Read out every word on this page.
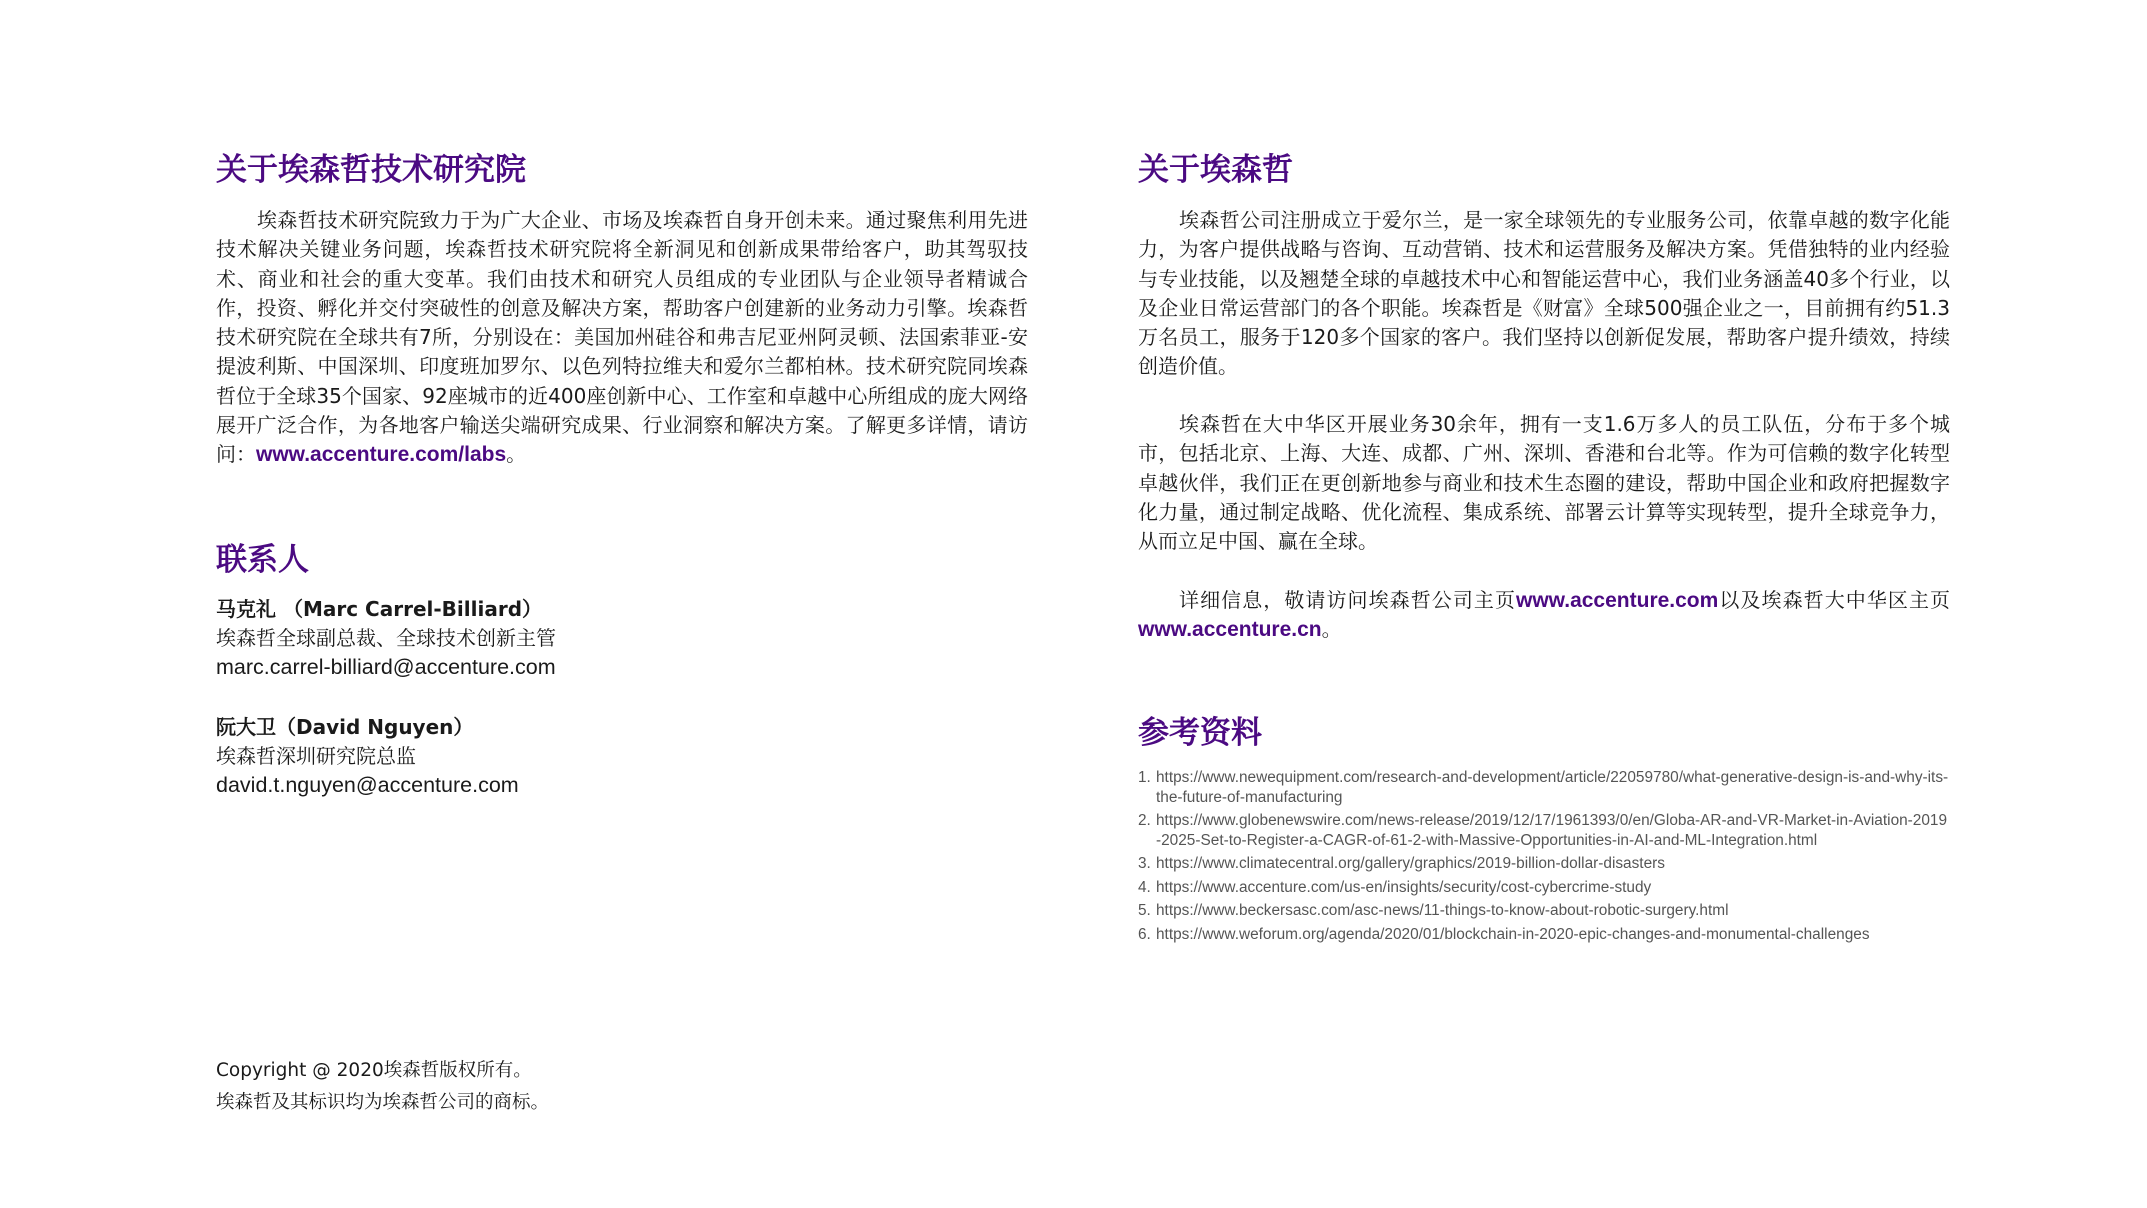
关于埃森哲技术研究院

埃森哲技术研究院致力于为广大企业、市场及埃森哲自身开创未来。通过聚焦利用先进技术解决关键业务问题，埃森哲技术研究院将全新洞见和创新成果带给客户，助其驾驭技术、商业和社会的重大变革。我们由技术和研究人员组成的专业团队与企业领导者精诚合作，投资、孵化并交付突破性的创意及解决方案，帮助客户创建新的业务动力引擎。埃森哲技术研究院在全球共有7所，分别设在：美国加州硅谷和弗吉尼亚州阿灵顿、法国索菲亚-安提波利斯、中国深圳、印度班加罗尔、以色列特拉维夫和爱尔兰都柏林。技术研究院同埃森哲位于全球35个国家、92座城市的近400座创新中心、工作室和卓越中心所组成的庞大网络展开广泛合作，为各地客户输送尖端研究成果、行业洞察和解决方案。了解更多详情，请访问：www.accenture.com/labs。

联系人
马克礼 （Marc Carrel-Billiard）
埃森哲全球副总裁、全球技术创新主管
marc.carrel-billiard@accenture.com
阮大卫（David Nguyen）
埃森哲深圳研究院总监
david.t.nguyen@accenture.com
Copyright @ 2020埃森哲版权所有。
埃森哲及其标识均为埃森哲公司的商标。
关于埃森哲

埃森哲公司注册成立于爱尔兰，是一家全球领先的专业服务公司，依靠卓越的数字化能力，为客户提供战略与咨询、互动营销、技术和运营服务及解决方案。凭借独特的业内经验与专业技能，以及翘楚全球的卓越技术中心和智能运营中心，我们业务涵盖40多个行业，以及企业日常运营部门的各个职能。埃森哲是《财富》全球500强企业之一，目前拥有约51.3万名员工，服务于120多个国家的客户。我们坚持以创新促发展，帮助客户提升绩效，持续创造价值。

埃森哲在大中华区开展业务30余年，拥有一支1.6万多人的员工队伍，分布于多个城市，包括北京、上海、大连、成都、广州、深圳、香港和台北等。作为可信赖的数字化转型卓越伙伴，我们正在更创新地参与商业和技术生态圈的建设，帮助中国企业和政府把握数字化力量，通过制定战略、优化流程、集成系统、部署云计算等实现转型，提升全球竞争力，从而立足中国、赢在全球。

详细信息，敬请访问埃森哲公司主页www.accenture.com以及埃森哲大中华区主页www.accenture.cn。

参考资料
1. https://www.newequipment.com/research-and-development/article/22059780/what-generative-design-is-and-why-its-the-future-of-manufacturing
2. https://www.globenewswire.com/news-release/2019/12/17/1961393/0/en/Globa-AR-and-VR-Market-in-Aviation-2019-2025-Set-to-Register-a-CAGR-of-61-2-with-Massive-Opportunities-in-AI-and-ML-Integration.html
3. https://www.climatecentral.org/gallery/graphics/2019-billion-dollar-disasters
4. https://www.accenture.com/us-en/insights/security/cost-cybercrime-study
5. https://www.beckersasc.com/asc-news/11-things-to-know-about-robotic-surgery.html
6. https://www.weforum.org/agenda/2020/01/blockchain-in-2020-epic-changes-and-monumental-challenges
